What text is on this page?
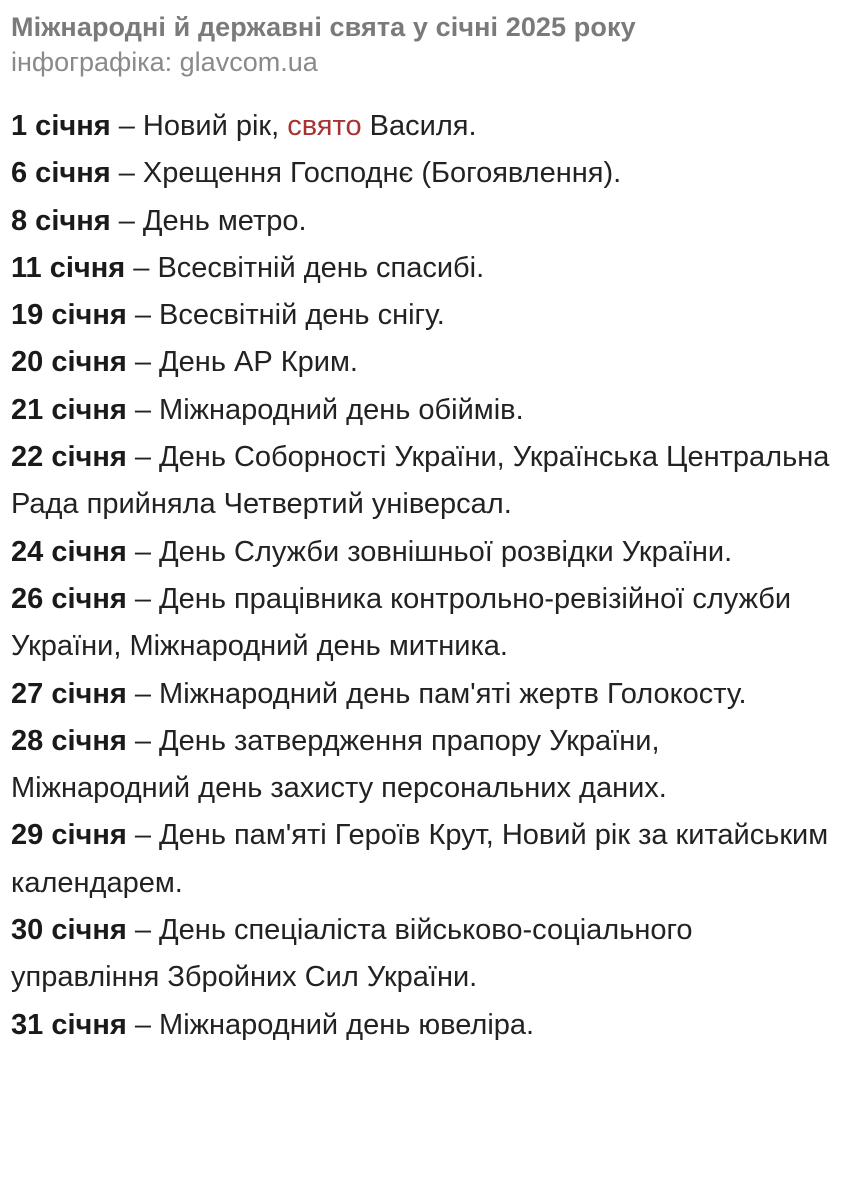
Міжнародні й державні свята у січні 2025 року
інфографіка: glavcom.ua

1 січня – Новий рік, свято Василя.

6 січня – Хрещення Господнє (Богоявлення).

8 січня – День метро.

11 січня – Всесвітній день спасибі.

19 січня – Всесвітній день снігу.

20 січня – День АР Крим.

21 січня – Міжнародний день обіймів.

22 січня – День Соборності України, Українська Центральна Рада прийняла Четвертий універсал.

24 січня – День Служби зовнішньої розвідки України.

26 січня – День працівника контрольно-ревізійної служби України, Міжнародний день митника.

27 січня – Міжнародний день пам'яті жертв Голокосту.

28 січня – День затвердження прапору України, Міжнародний день захисту персональних даних.

29 січня – День пам'яті Героїв Крут, Новий рік за китайським календарем.

30 січня – День спеціаліста військово-соціального управління Збройних Сил України.

31 січня – Міжнародний день ювеліра.
